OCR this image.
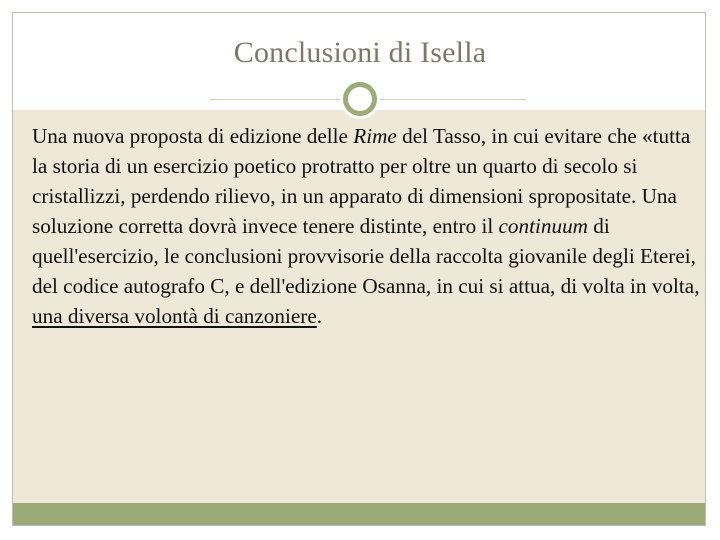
Conclusioni di Isella

Una nuova proposta di edizione delle Rime del Tasso, in cui evitare che «tutta la storia di un esercizio poetico protratto per oltre un quarto di secolo si cristallizzi, perdendo rilievo, in un apparato di dimensioni spropositate. Una soluzione corretta dovrà invece tenere distinte, entro il continuum di quell'esercizio, le conclusioni provvisorie della raccolta giovanile degli Eterei, del codice autografo C, e dell'edizione Osanna, in cui si attua, di volta in volta, una diversa volontà di canzoniere.
